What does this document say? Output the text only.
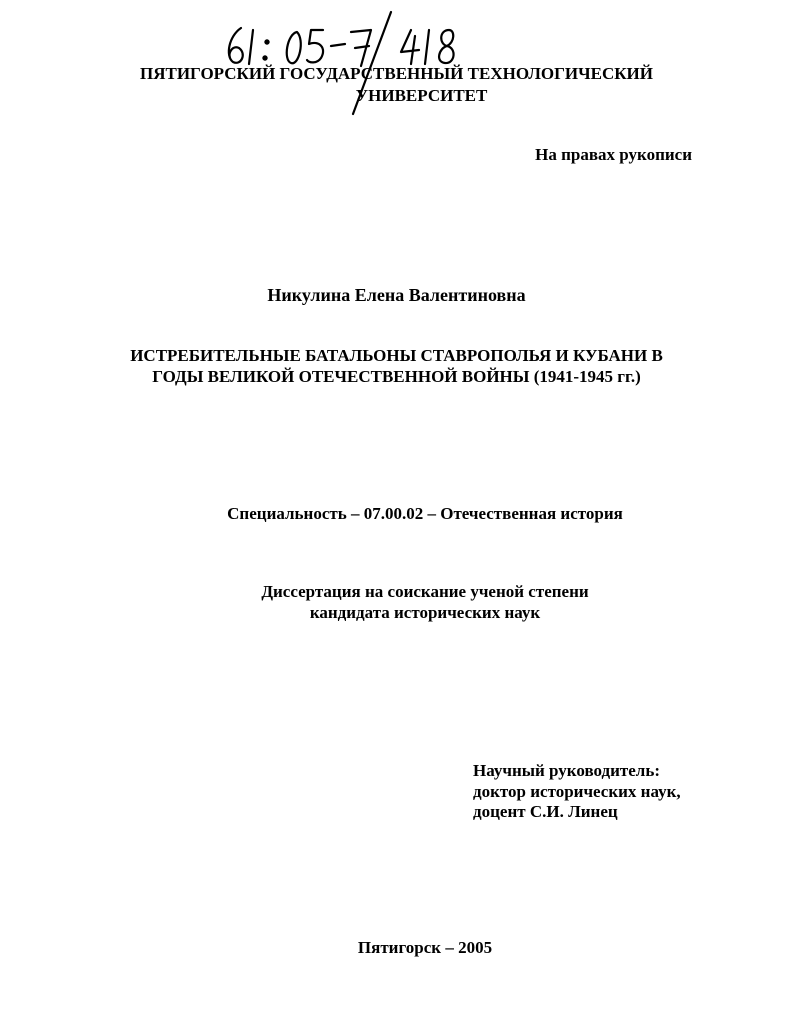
ПЯТИГОРСКИЙ ГОСУДАРСТВЕННЫЙ ТЕХНОЛОГИЧЕСКИЙ
УНИВЕРСИТЕТ
На правах рукописи
Никулина Елена Валентиновна
ИСТРЕБИТЕЛЬНЫЕ БАТАЛЬОНЫ СТАВРОПОЛЬЯ И КУБАНИ В
ГОДЫ ВЕЛИКОЙ ОТЕЧЕСТВЕННОЙ ВОЙНЫ (1941-1945 гг.)
Специальность – 07.00.02 – Отечественная история
Диссертация на соискание ученой степени
кандидата исторических наук
Научный руководитель:
доктор исторических наук,
доцент С.И. Линец
Пятигорск – 2005
